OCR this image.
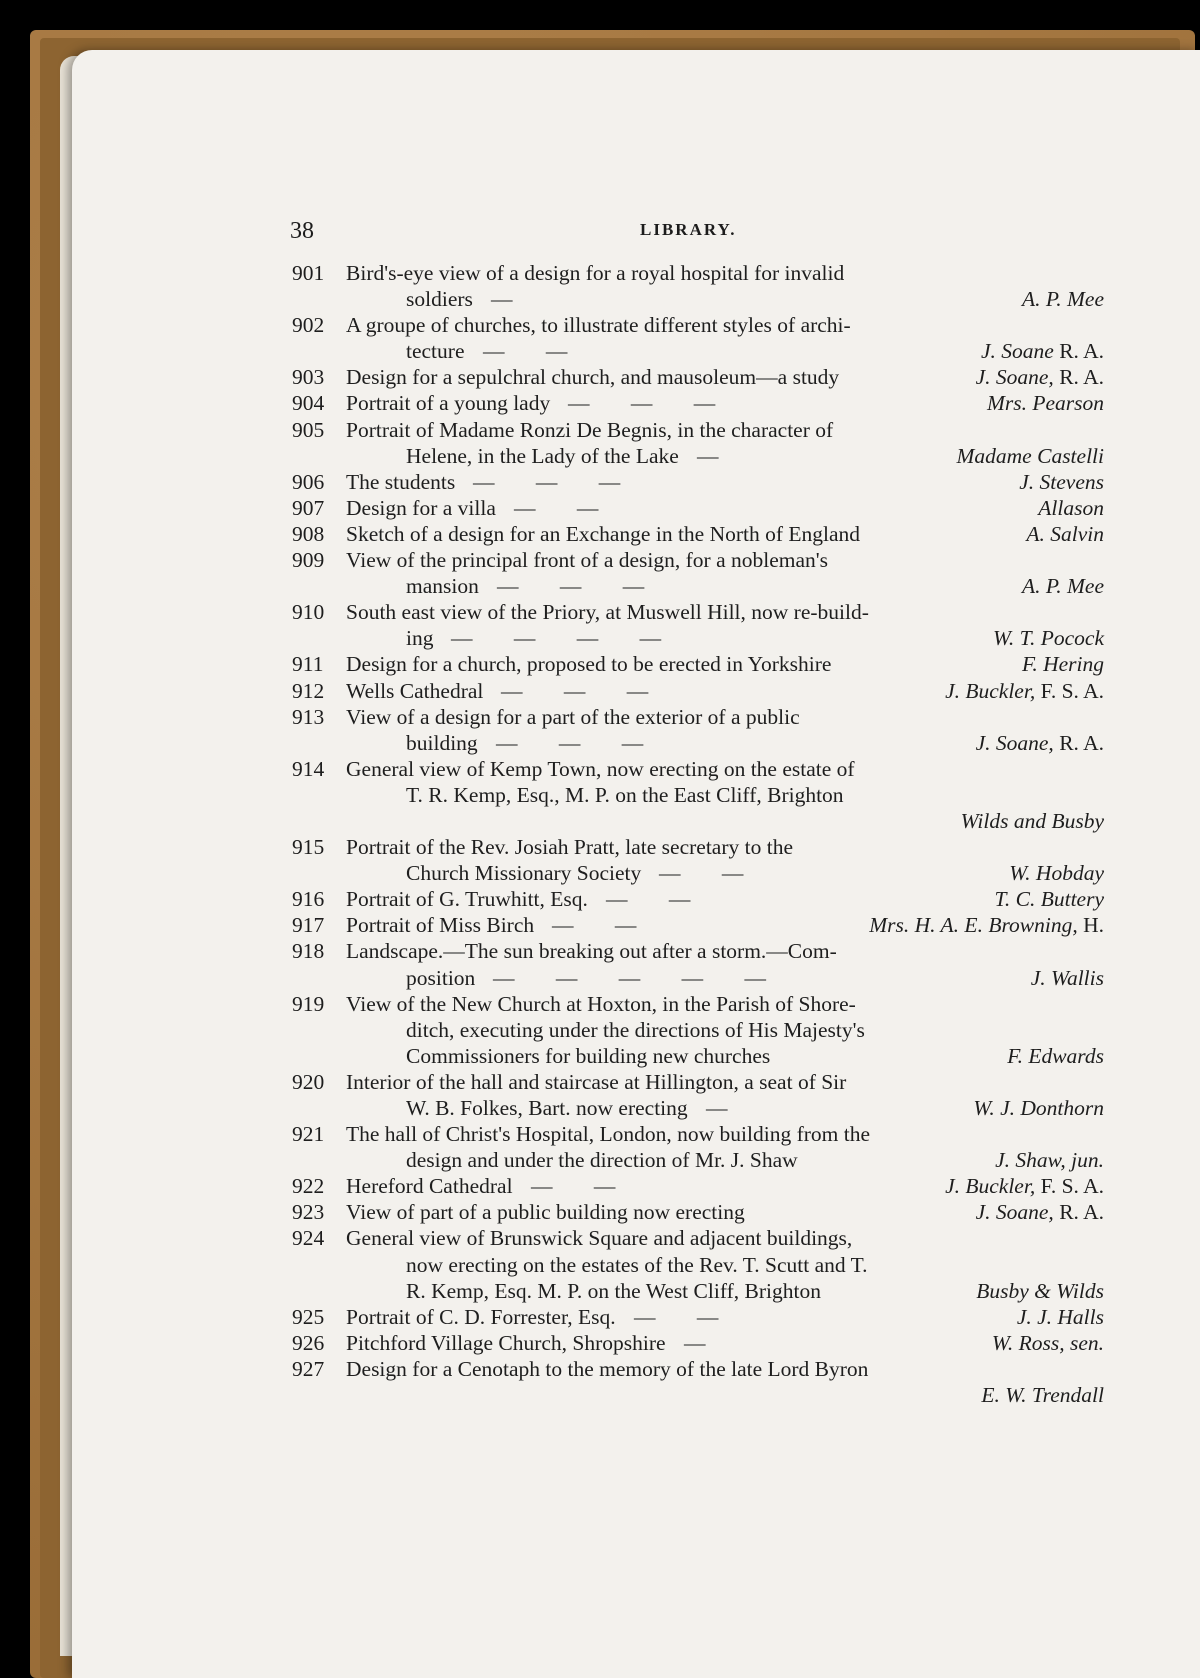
38	LIBRARY.
901	Bird's-eye view of a design for a royal hospital for invalid
soldiers —	A. P. Mee
902	A groupe of churches, to illustrate different styles of archi-
tecture — —	J. Soane R. A.
903	Design for a sepulchral church, and mausoleum—a study	J. Soane, R. A.
904	Portrait of a young lady — — —	Mrs. Pearson
905	Portrait of Madame Ronzi De Begnis, in the character of
Helene, in the Lady of the Lake —	Madame Castelli
906	The students — — —	J. Stevens
907	Design for a villa — —	Allason
908	Sketch of a design for an Exchange in the North of England	A. Salvin
909	View of the principal front of a design, for a nobleman's
mansion — — —	A. P. Mee
910	South east view of the Priory, at Muswell Hill, now re-build-
ing — — — —	W. T. Pocock
911	Design for a church, proposed to be erected in Yorkshire	F. Hering
912	Wells Cathedral — — —	J. Buckler, F. S. A.
913	View of a design for a part of the exterior of a public
building — — —	J. Soane, R. A.
914	General view of Kemp Town, now erecting on the estate of
T. R. Kemp, Esq., M. P. on the East Cliff, Brighton
Wilds and Busby
915	Portrait of the Rev. Josiah Pratt, late secretary to the
Church Missionary Society — —	W. Hobday
916	Portrait of G. Truwhitt, Esq. — —	T. C. Buttery
917	Portrait of Miss Birch — —	Mrs. H. A. E. Browning, H.
918	Landscape.—The sun breaking out after a storm.—Com-
position — — — — —	J. Wallis
919	View of the New Church at Hoxton, in the Parish of Shore-
ditch, executing under the directions of His Majesty's
Commissioners for building new churches	F. Edwards
920	Interior of the hall and staircase at Hillington, a seat of Sir
W. B. Folkes, Bart. now erecting —	W. J. Donthorn
921	The hall of Christ's Hospital, London, now building from the
design and under the direction of Mr. J. Shaw	J. Shaw, jun.
922	Hereford Cathedral — —	J. Buckler, F. S. A.
923	View of part of a public building now erecting	J. Soane, R. A.
924	General view of Brunswick Square and adjacent buildings,
now erecting on the estates of the Rev. T. Scutt and T.
R. Kemp, Esq. M. P. on the West Cliff, Brighton	Busby & Wilds
925	Portrait of C. D. Forrester, Esq. — —	J. J. Halls
926	Pitchford Village Church, Shropshire —	W. Ross, sen.
927	Design for a Cenotaph to the memory of the late Lord Byron
E. W. Trendall
